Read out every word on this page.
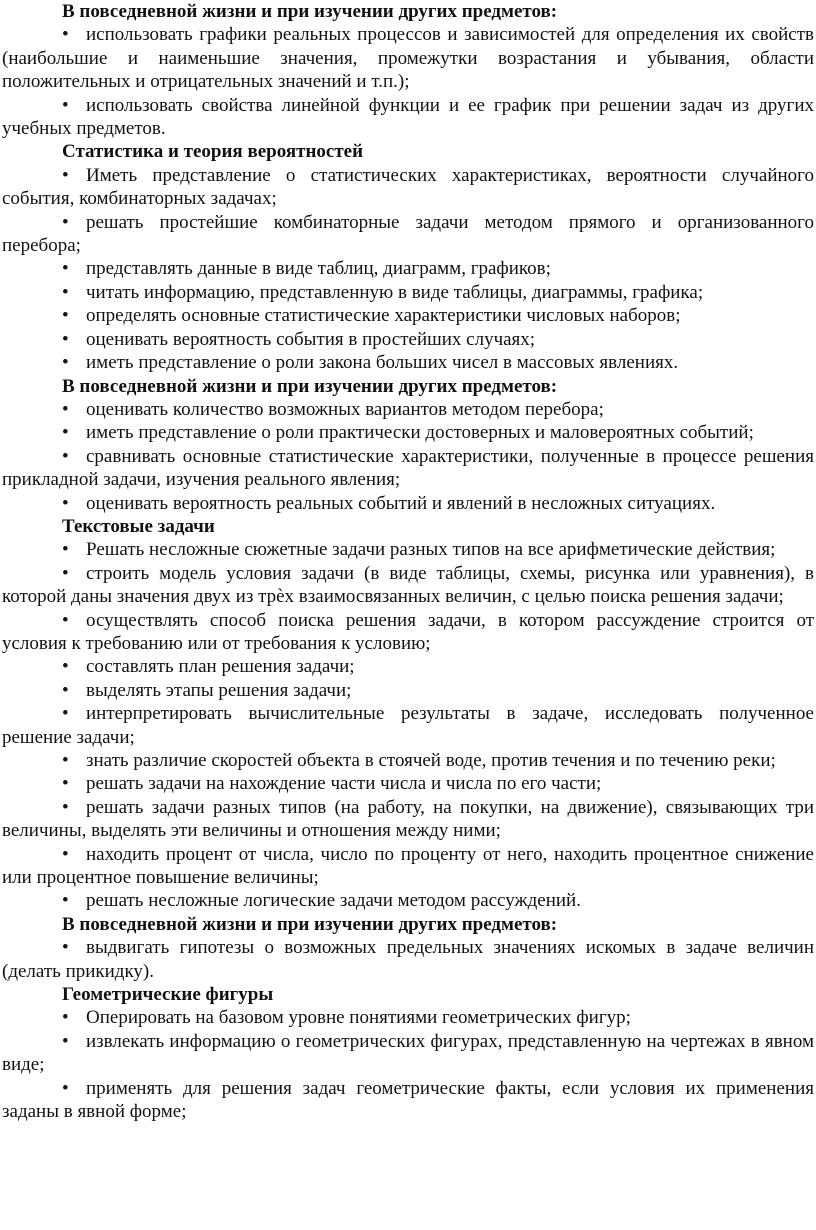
В повседневной жизни и при изучении других предметов:

• использовать графики реальных процессов и зависимостей для определения их свойств (наибольшие и наименьшие значения, промежутки возрастания и убывания, области положительных и отрицательных значений и т.п.);

• использовать свойства линейной функции и ее график при решении задач из других учебных предметов.

Статистика и теория вероятностей

• Иметь представление о статистических характеристиках, вероятности случайного события, комбинаторных задачах;

• решать простейшие комбинаторные задачи методом прямого и организованного перебора;

• представлять данные в виде таблиц, диаграмм, графиков;

• читать информацию, представленную в виде таблицы, диаграммы, графика;

• определять основные статистические характеристики числовых наборов;

• оценивать вероятность события в простейших случаях;

• иметь представление о роли закона больших чисел в массовых явлениях.

В повседневной жизни и при изучении других предметов:

• оценивать количество возможных вариантов методом перебора;

• иметь представление о роли практически достоверных и маловероятных событий;

• сравнивать основные статистические характеристики, полученные в процессе решения прикладной задачи, изучения реального явления;

• оценивать вероятность реальных событий и явлений в несложных ситуациях.

Текстовые задачи

• Решать несложные сюжетные задачи разных типов на все арифметические действия;

• строить модель условия задачи (в виде таблицы, схемы, рисунка или уравнения), в которой даны значения двух из трѐх взаимосвязанных величин, с целью поиска решения задачи;

• осуществлять способ поиска решения задачи, в котором рассуждение строится от условия к требованию или от требования к условию;

• составлять план решения задачи;

• выделять этапы решения задачи;

• интерпретировать вычислительные результаты в задаче, исследовать полученное решение задачи;

• знать различие скоростей объекта в стоячей воде, против течения и по течению реки;

• решать задачи на нахождение части числа и числа по его части;

• решать задачи разных типов (на работу, на покупки, на движение), связывающих три величины, выделять эти величины и отношения между ними;

• находить процент от числа, число по проценту от него, находить процентное снижение или процентное повышение величины;

• решать несложные логические задачи методом рассуждений.

В повседневной жизни и при изучении других предметов:

• выдвигать гипотезы о возможных предельных значениях искомых в задаче величин (делать прикидку).

Геометрические фигуры

• Оперировать на базовом уровне понятиями геометрических фигур;

• извлекать информацию о геометрических фигурах, представленную на чертежах в явном виде;

• применять для решения задач геометрические факты, если условия их применения заданы в явной форме;
